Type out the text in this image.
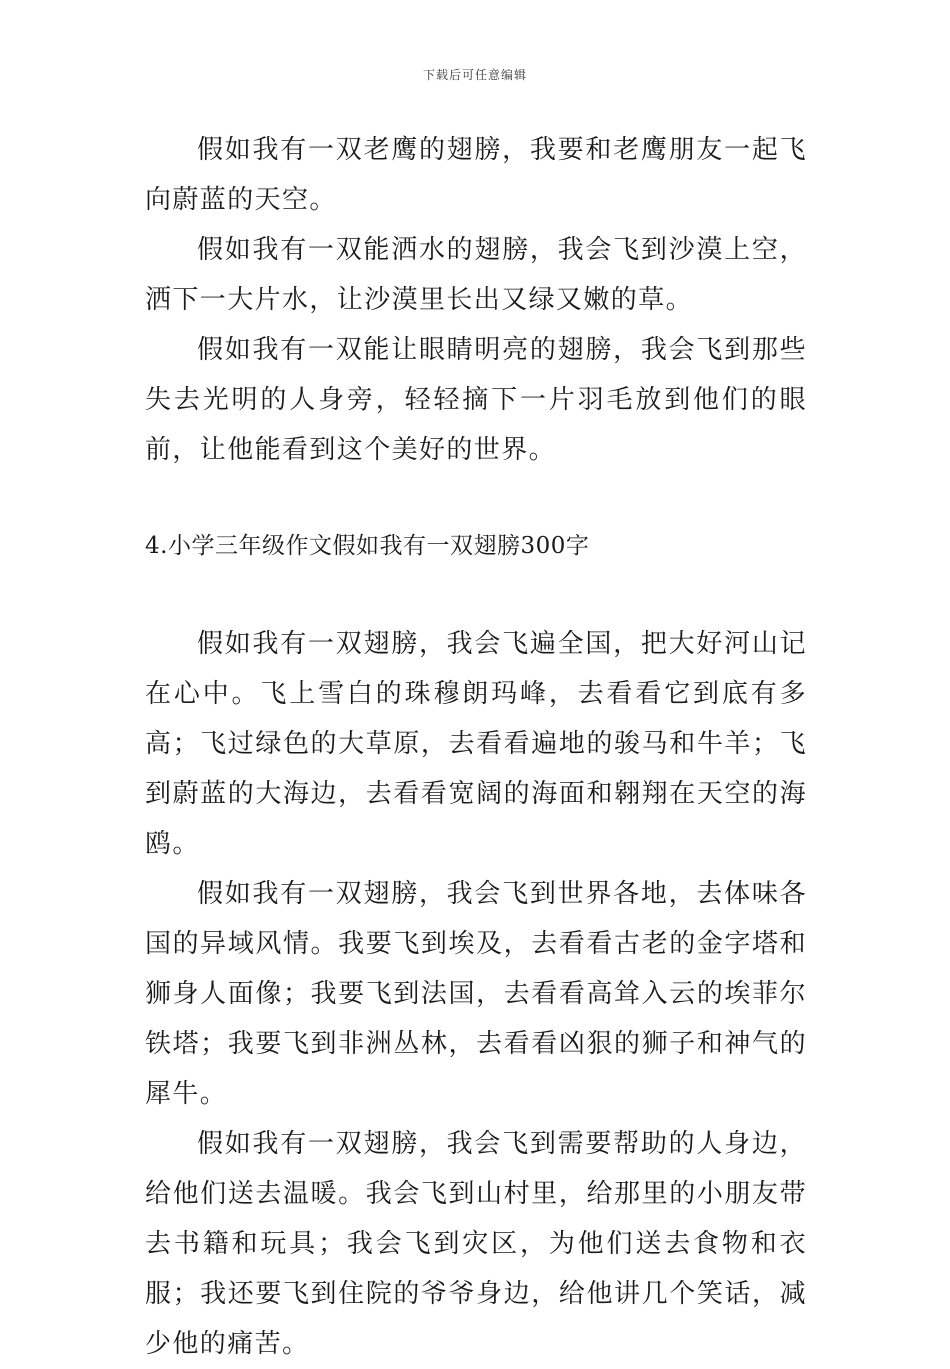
下载后可任意编辑

假如我有一双老鹰的翅膀，我要和老鹰朋友一起飞向蔚蓝的天空。

假如我有一双能洒水的翅膀，我会飞到沙漠上空，洒下一大片水，让沙漠里长出又绿又嫩的草。

假如我有一双能让眼睛明亮的翅膀，我会飞到那些失去光明的人身旁，轻轻摘下一片羽毛放到他们的眼前，让他能看到这个美好的世界。

4.小学三年级作文假如我有一双翅膀300字

假如我有一双翅膀，我会飞遍全国，把大好河山记在心中。飞上雪白的珠穆朗玛峰，去看看它到底有多高；飞过绿色的大草原，去看看遍地的骏马和牛羊；飞到蔚蓝的大海边，去看看宽阔的海面和翱翔在天空的海鸥。

假如我有一双翅膀，我会飞到世界各地，去体味各国的异域风情。我要飞到埃及，去看看古老的金字塔和狮身人面像；我要飞到法国，去看看高耸入云的埃菲尔铁塔；我要飞到非洲丛林，去看看凶狠的狮子和神气的犀牛。

假如我有一双翅膀，我会飞到需要帮助的人身边，给他们送去温暖。我会飞到山村里，给那里的小朋友带去书籍和玩具；我会飞到灾区，为他们送去食物和衣服；我还要飞到住院的爷爷身边，给他讲几个笑话，减少他的痛苦。
